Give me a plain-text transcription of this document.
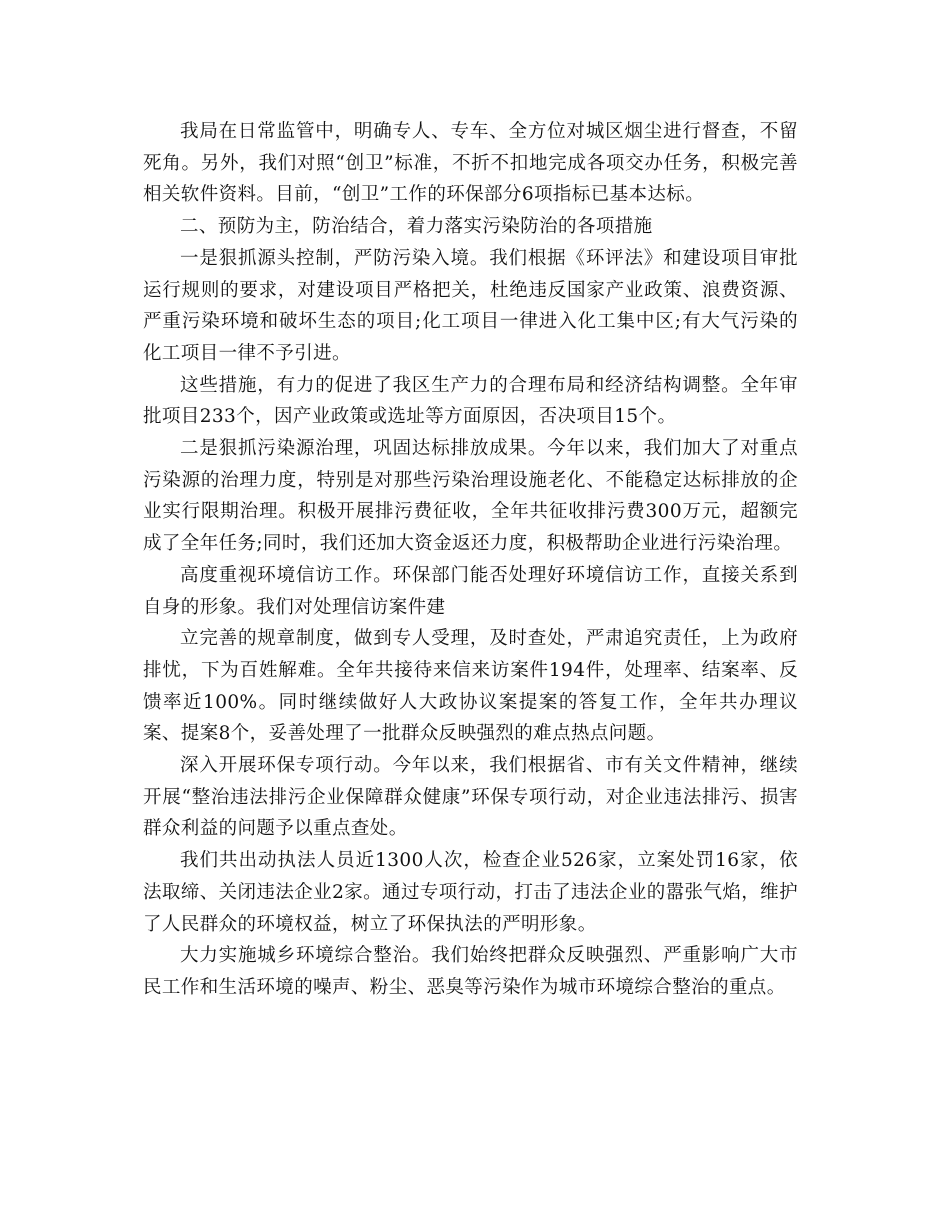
我局在日常监管中，明确专人、专车、全方位对城区烟尘进行督查，不留死角。另外，我们对照“创卫”标准，不折不扣地完成各项交办任务，积极完善相关软件资料。目前，“创卫”工作的环保部分6项指标已基本达标。

二、预防为主，防治结合，着力落实污染防治的各项措施

一是狠抓源头控制，严防污染入境。我们根据《环评法》和建设项目审批运行规则的要求，对建设项目严格把关，杜绝违反国家产业政策、浪费资源、严重污染环境和破坏生态的项目;化工项目一律进入化工集中区;有大气污染的化工项目一律不予引进。

这些措施，有力的促进了我区生产力的合理布局和经济结构调整。全年审批项目233个，因产业政策或选址等方面原因，否决项目15个。

二是狠抓污染源治理，巩固达标排放成果。今年以来，我们加大了对重点污染源的治理力度，特别是对那些污染治理设施老化、不能稳定达标排放的企业实行限期治理。积极开展排污费征收，全年共征收排污费300万元，超额完成了全年任务;同时，我们还加大资金返还力度，积极帮助企业进行污染治理。

高度重视环境信访工作。环保部门能否处理好环境信访工作，直接关系到自身的形象。我们对处理信访案件建

立完善的规章制度，做到专人受理，及时查处，严肃追究责任，上为政府排忧，下为百姓解难。全年共接待来信来访案件194件，处理率、结案率、反馈率近100%。同时继续做好人大政协议案提案的答复工作，全年共办理议案、提案8个，妥善处理了一批群众反映强烈的难点热点问题。

深入开展环保专项行动。今年以来，我们根据省、市有关文件精神，继续开展“整治违法排污企业保障群众健康”环保专项行动，对企业违法排污、损害群众利益的问题予以重点查处。

我们共出动执法人员近1300人次，检查企业526家，立案处罚16家，依法取缔、关闭违法企业2家。通过专项行动，打击了违法企业的嚣张气焰，维护了人民群众的环境权益，树立了环保执法的严明形象。

大力实施城乡环境综合整治。我们始终把群众反映强烈、严重影响广大市民工作和生活环境的噪声、粉尘、恶臭等污染作为城市环境综合整治的重点。
